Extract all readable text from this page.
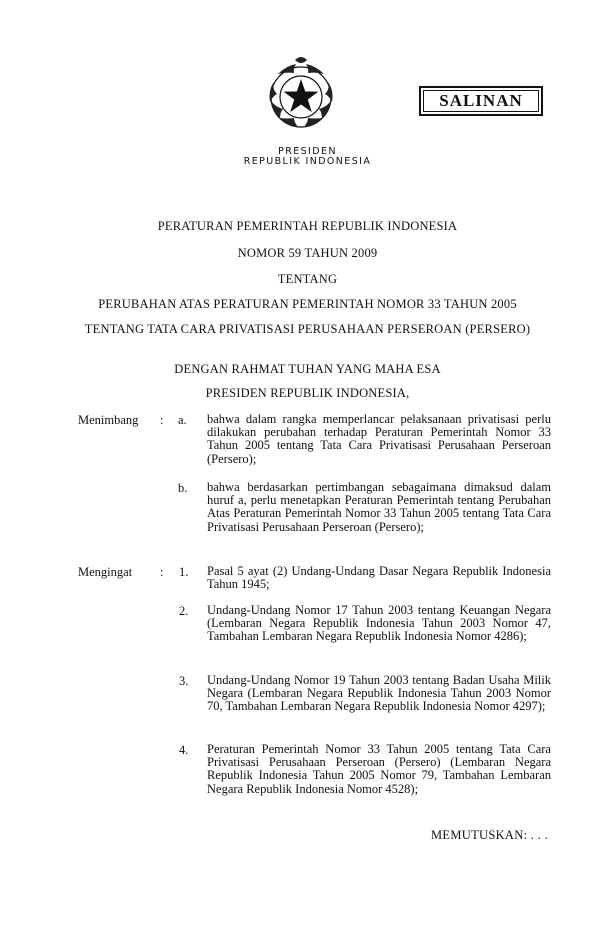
SALINAN
PRESIDEN
REPUBLIK INDONESIA
PERATURAN PEMERINTAH REPUBLIK INDONESIA
NOMOR 59 TAHUN 2009
TENTANG
PERUBAHAN ATAS PERATURAN PEMERINTAH NOMOR 33 TAHUN 2005
TENTANG TATA CARA PRIVATISASI PERUSAHAAN PERSEROAN (PERSERO)
DENGAN RAHMAT TUHAN YANG MAHA ESA
PRESIDEN REPUBLIK INDONESIA,
Menimbang : a. bahwa dalam rangka memperlancar pelaksanaan privatisasi perlu dilakukan perubahan terhadap Peraturan Pemerintah Nomor 33 Tahun 2005 tentang Tata Cara Privatisasi Perusahaan Perseroan (Persero);
b. bahwa berdasarkan pertimbangan sebagaimana dimaksud dalam huruf a, perlu menetapkan Peraturan Pemerintah tentang Perubahan Atas Peraturan Pemerintah Nomor 33 Tahun 2005 tentang Tata Cara Privatisasi Perusahaan Perseroan (Persero);
Mengingat : 1. Pasal 5 ayat (2) Undang-Undang Dasar Negara Republik Indonesia Tahun 1945;
2. Undang-Undang Nomor 17 Tahun 2003 tentang Keuangan Negara (Lembaran Negara Republik Indonesia Tahun 2003 Nomor 47, Tambahan Lembaran Negara Republik Indonesia Nomor 4286);
3. Undang-Undang Nomor 19 Tahun 2003 tentang Badan Usaha Milik Negara (Lembaran Negara Republik Indonesia Tahun 2003 Nomor 70, Tambahan Lembaran Negara Republik Indonesia Nomor 4297);
4. Peraturan Pemerintah Nomor 33 Tahun 2005 tentang Tata Cara Privatisasi Perusahaan Perseroan (Persero) (Lembaran Negara Republik Indonesia Tahun 2005 Nomor 79, Tambahan Lembaran Negara Republik Indonesia Nomor 4528);
MEMUTUSKAN: . . .
